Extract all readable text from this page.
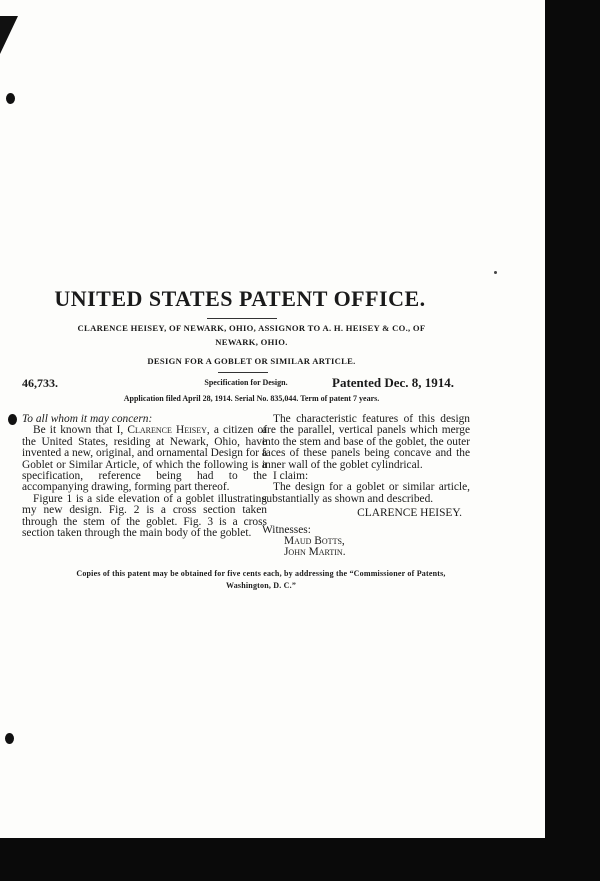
UNITED STATES PATENT OFFICE.
CLARENCE HEISEY, OF NEWARK, OHIO, ASSIGNOR TO A. H. HEISEY & CO., OF
NEWARK, OHIO.
DESIGN FOR A GOBLET OR SIMILAR ARTICLE.
46,733.	Specification for Design.	Patented Dec. 8, 1914.
Application filed April 28, 1914. Serial No. 835,044. Term of patent 7 years.

To all whom it may concern:

Be it known that I, Clarence Heisey, a citizen of the United States, residing at Newark, Ohio, have invented a new, original, and ornamental Design for a Goblet or Similar Article, of which the following is a specification, reference being had to the accompanying drawing, forming part thereof.

Figure 1 is a side elevation of a goblet illustrating my new design. Fig. 2 is a cross section taken through the stem of the goblet. Fig. 3 is a cross section taken through the main body of the goblet.

The characteristic features of this design are the parallel, vertical panels which merge into the stem and base of the goblet, the outer faces of these panels being concave and the inner wall of the goblet cylindrical.

I claim:

The design for a goblet or similar article, substantially as shown and described.

CLARENCE HEISEY.

Witnesses:

Maud Botts,

John Martin.

Copies of this patent may be obtained for five cents each, by addressing the “Commissioner of Patents,
Washington, D. C.”
